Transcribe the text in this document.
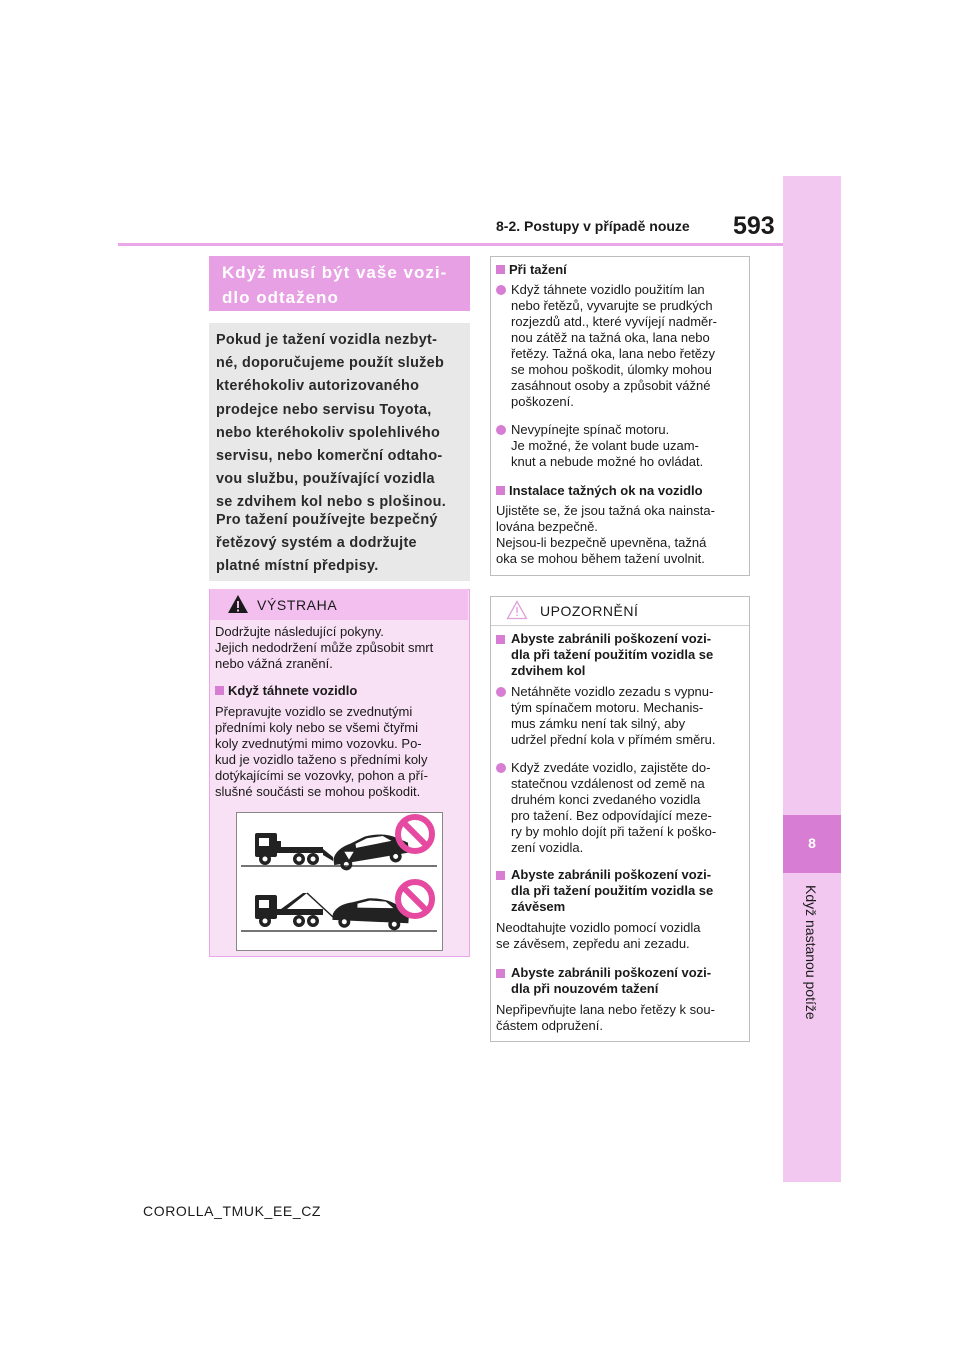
8-2. Postupy v případě nouze 593
8
Když nastanou potíže
Když musí být vaše vozi-
dlo odtaženo
Pokud je tažení vozidla nezbyt-
né, doporučujeme použít služeb
kteréhokoliv autorizovaného
prodejce nebo servisu Toyota,
nebo kteréhokoliv spolehlivého
servisu, nebo komerční odtaho-
vou službu, používající vozidla
se zdvihem kol nebo s plošinou.
Pro tažení používejte bezpečný
řetězový systém a dodržujte
platné místní předpisy.
VÝSTRAHA
Dodržujte následující pokyny.
Jejich nedodržení může způsobit smrt
nebo vážná zranění.
Když táhnete vozidlo
Přepravujte vozidlo se zvednutými
předními koly nebo se všemi čtyřmi
koly zvednutými mimo vozovku. Po-
kud je vozidlo taženo s předními koly
dotýkajícími se vozovky, pohon a pří-
slušné součásti se mohou poškodit.
Při tažení
Když táhnete vozidlo použitím lan
nebo řetězů, vyvarujte se prudkých
rozjezdů atd., které vyvíjejí nadměr-
nou zátěž na tažná oka, lana nebo
řetězy. Tažná oka, lana nebo řetězy
se mohou poškodit, úlomky mohou
zasáhnout osoby a způsobit vážné
poškození.
Nevypínejte spínač motoru.
Je možné, že volant bude uzam-
knut a nebude možné ho ovládat.
Instalace tažných ok na vozidlo
Ujistěte se, že jsou tažná oka nainsta-
lována bezpečně.
Nejsou-li bezpečně upevněna, tažná
oka se mohou během tažení uvolnit.
UPOZORNĚNÍ
Abyste zabránili poškození vozi-
dla při tažení použitím vozidla se
zdvihem kol
Netáhněte vozidlo zezadu s vypnu-
tým spínačem motoru. Mechanis-
mus zámku není tak silný, aby
udržel přední kola v přímém směru.
Když zvedáte vozidlo, zajistěte do-
statečnou vzdálenost od země na
druhém konci zvedaného vozidla
pro tažení. Bez odpovídající meze-
ry by mohlo dojít při tažení k poško-
zení vozidla.
Abyste zabránili poškození vozi-
dla při tažení použitím vozidla se
závěsem
Neodtahujte vozidlo pomocí vozidla
se závěsem, zepředu ani zezadu.
Abyste zabránili poškození vozi-
dla při nouzovém tažení
Nepřipevňujte lana nebo řetězy k sou-
částem odpružení.
COROLLA_TMUK_EE_CZ
